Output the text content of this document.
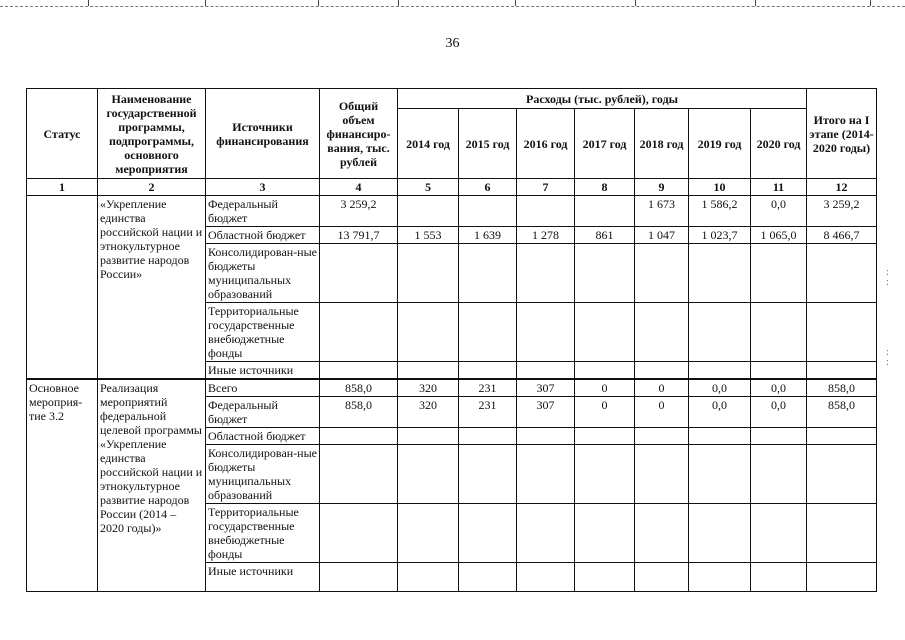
36
:
:
:
:
Статус	Наименование государственной программы, подпрограммы, основного мероприятия	Источники финансирования	Общий объем финансиро-вания, тыс. рублей	Расходы (тыс. рублей), годы							Итого на I этапе (2014-2020 годы)
				2014 год	2015 год	2016 год	2017 год	2018 год	2019 год	2020 год	
1	2	3	4	5	6	7	8	9	10	11	12
	«Укрепление единства российской нации и этнокультурное развитие народов России»	Федеральный бюджет	3 259,2					1 673	1 586,2	0,0	3 259,2
		Областной бюджет	13 791,7	1 553	1 639	1 278	861	1 047	1 023,7	1 065,0	8 466,7
		Консолидирован-ные бюджеты муниципальных образований									
		Территориальные государственные внебюджетные фонды									
		Иные источники									
Основное мероприя-тие 3.2	Реализация мероприятий федеральной целевой программы «Укрепление единства российской нации и этнокультурное развитие народов России (2014 – 2020 годы)»	Всего	858,0	320	231	307	0	0	0,0	0,0	858,0
		Федеральный бюджет	858,0	320	231	307	0	0	0,0	0,0	858,0
		Областной бюджет									
		Консолидирован-ные бюджеты муниципальных образований									
		Территориальные государственные внебюджетные фонды									
		Иные источники									
